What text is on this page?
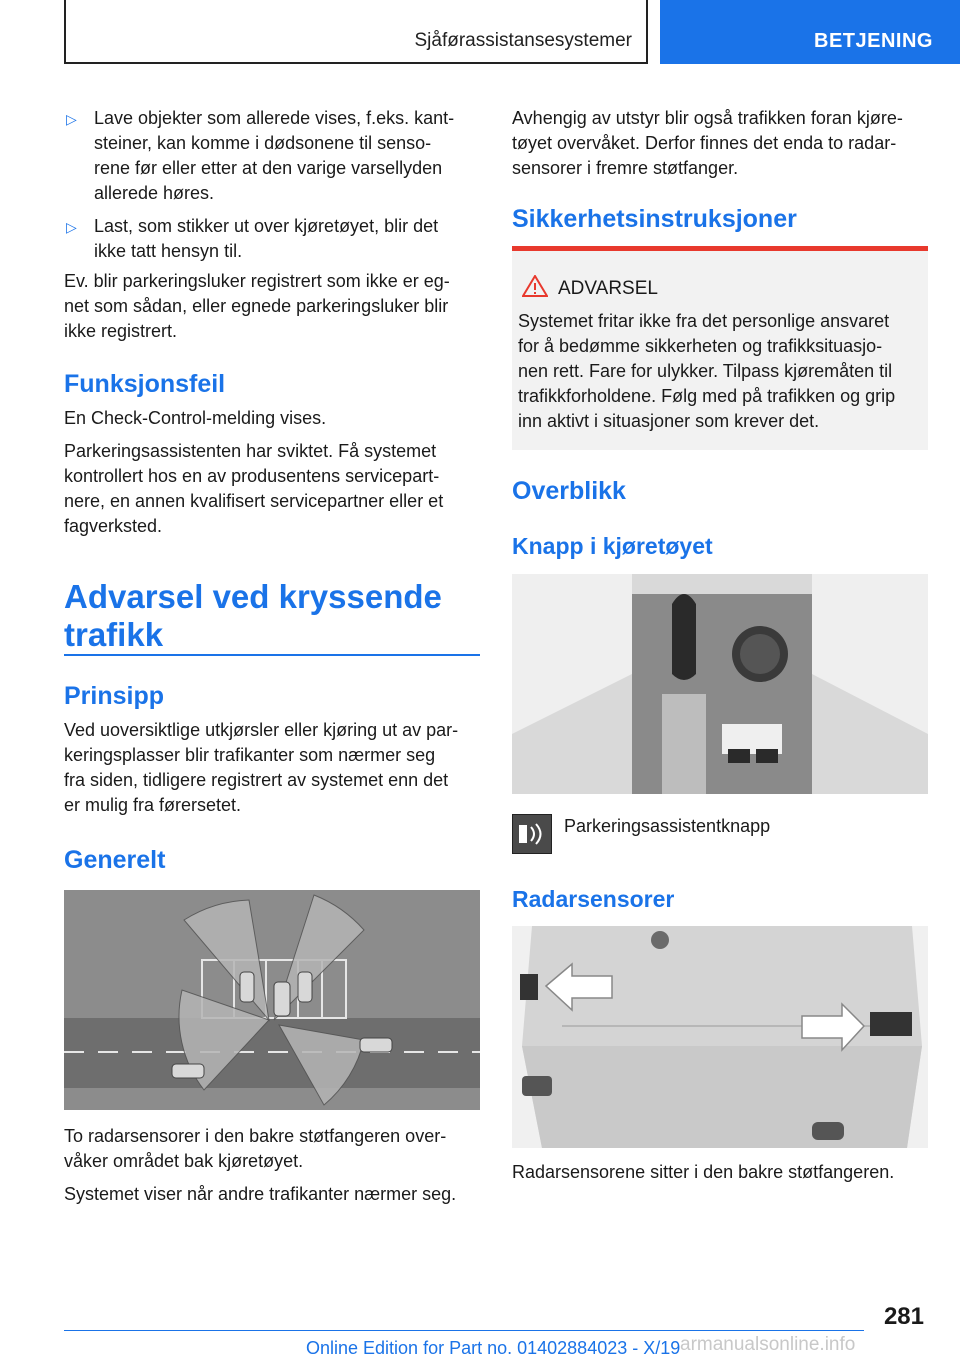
Sjåførassistansesystemer	BETJENING
▷ Lave objekter som allerede vises, f.eks. kant-
steiner, kan komme i dødsonene til senso-
rene før eller etter at den varige varsellyden
allerede høres.

▷ Last, som stikker ut over kjøretøyet, blir det
ikke tatt hensyn til.

Ev. blir parkeringsluker registrert som ikke er eg-
net som sådan, eller egnede parkeringsluker blir
ikke registrert.

Funksjonsfeil

En Check-Control-melding vises.

Parkeringsassistenten har sviktet. Få systemet
kontrollert hos en av produsentens servicepart-
nere, en annen kvalifisert servicepartner eller et
fagverksted.

Advarsel ved kryssende
trafikk
Prinsipp

Ved uoversiktlige utkjørsler eller kjøring ut av par-
keringsplasser blir trafikanter som nærmer seg
fra siden, tidligere registrert av systemet enn det
er mulig fra førersetet.

Generelt

To radarsensorer i den bakre støtfangeren over-
våker området bak kjøretøyet.

Systemet viser når andre trafikanter nærmer seg.

Avhengig av utstyr blir også trafikken foran kjøre-
tøyet overvåket. Derfor finnes det enda to radar-
sensorer i fremre støtfanger.

Sikkerhetsinstruksjoner
ADVARSEL

Systemet fritar ikke fra det personlige ansvaret
for å bedømme sikkerheten og trafikksituasjo-
nen rett. Fare for ulykker. Tilpass kjøremåten til
trafikkforholdene. Følg med på trafikken og grip
inn aktivt i situasjoner som krever det.

Overblikk
Knapp i kjøretøyet

Parkeringsassistentknapp

Radarsensorer

Radarsensorene sitter i den bakre støtfangeren.

281
Online Edition for Part no. 01402884023 - X/19 armanualsonline.info
